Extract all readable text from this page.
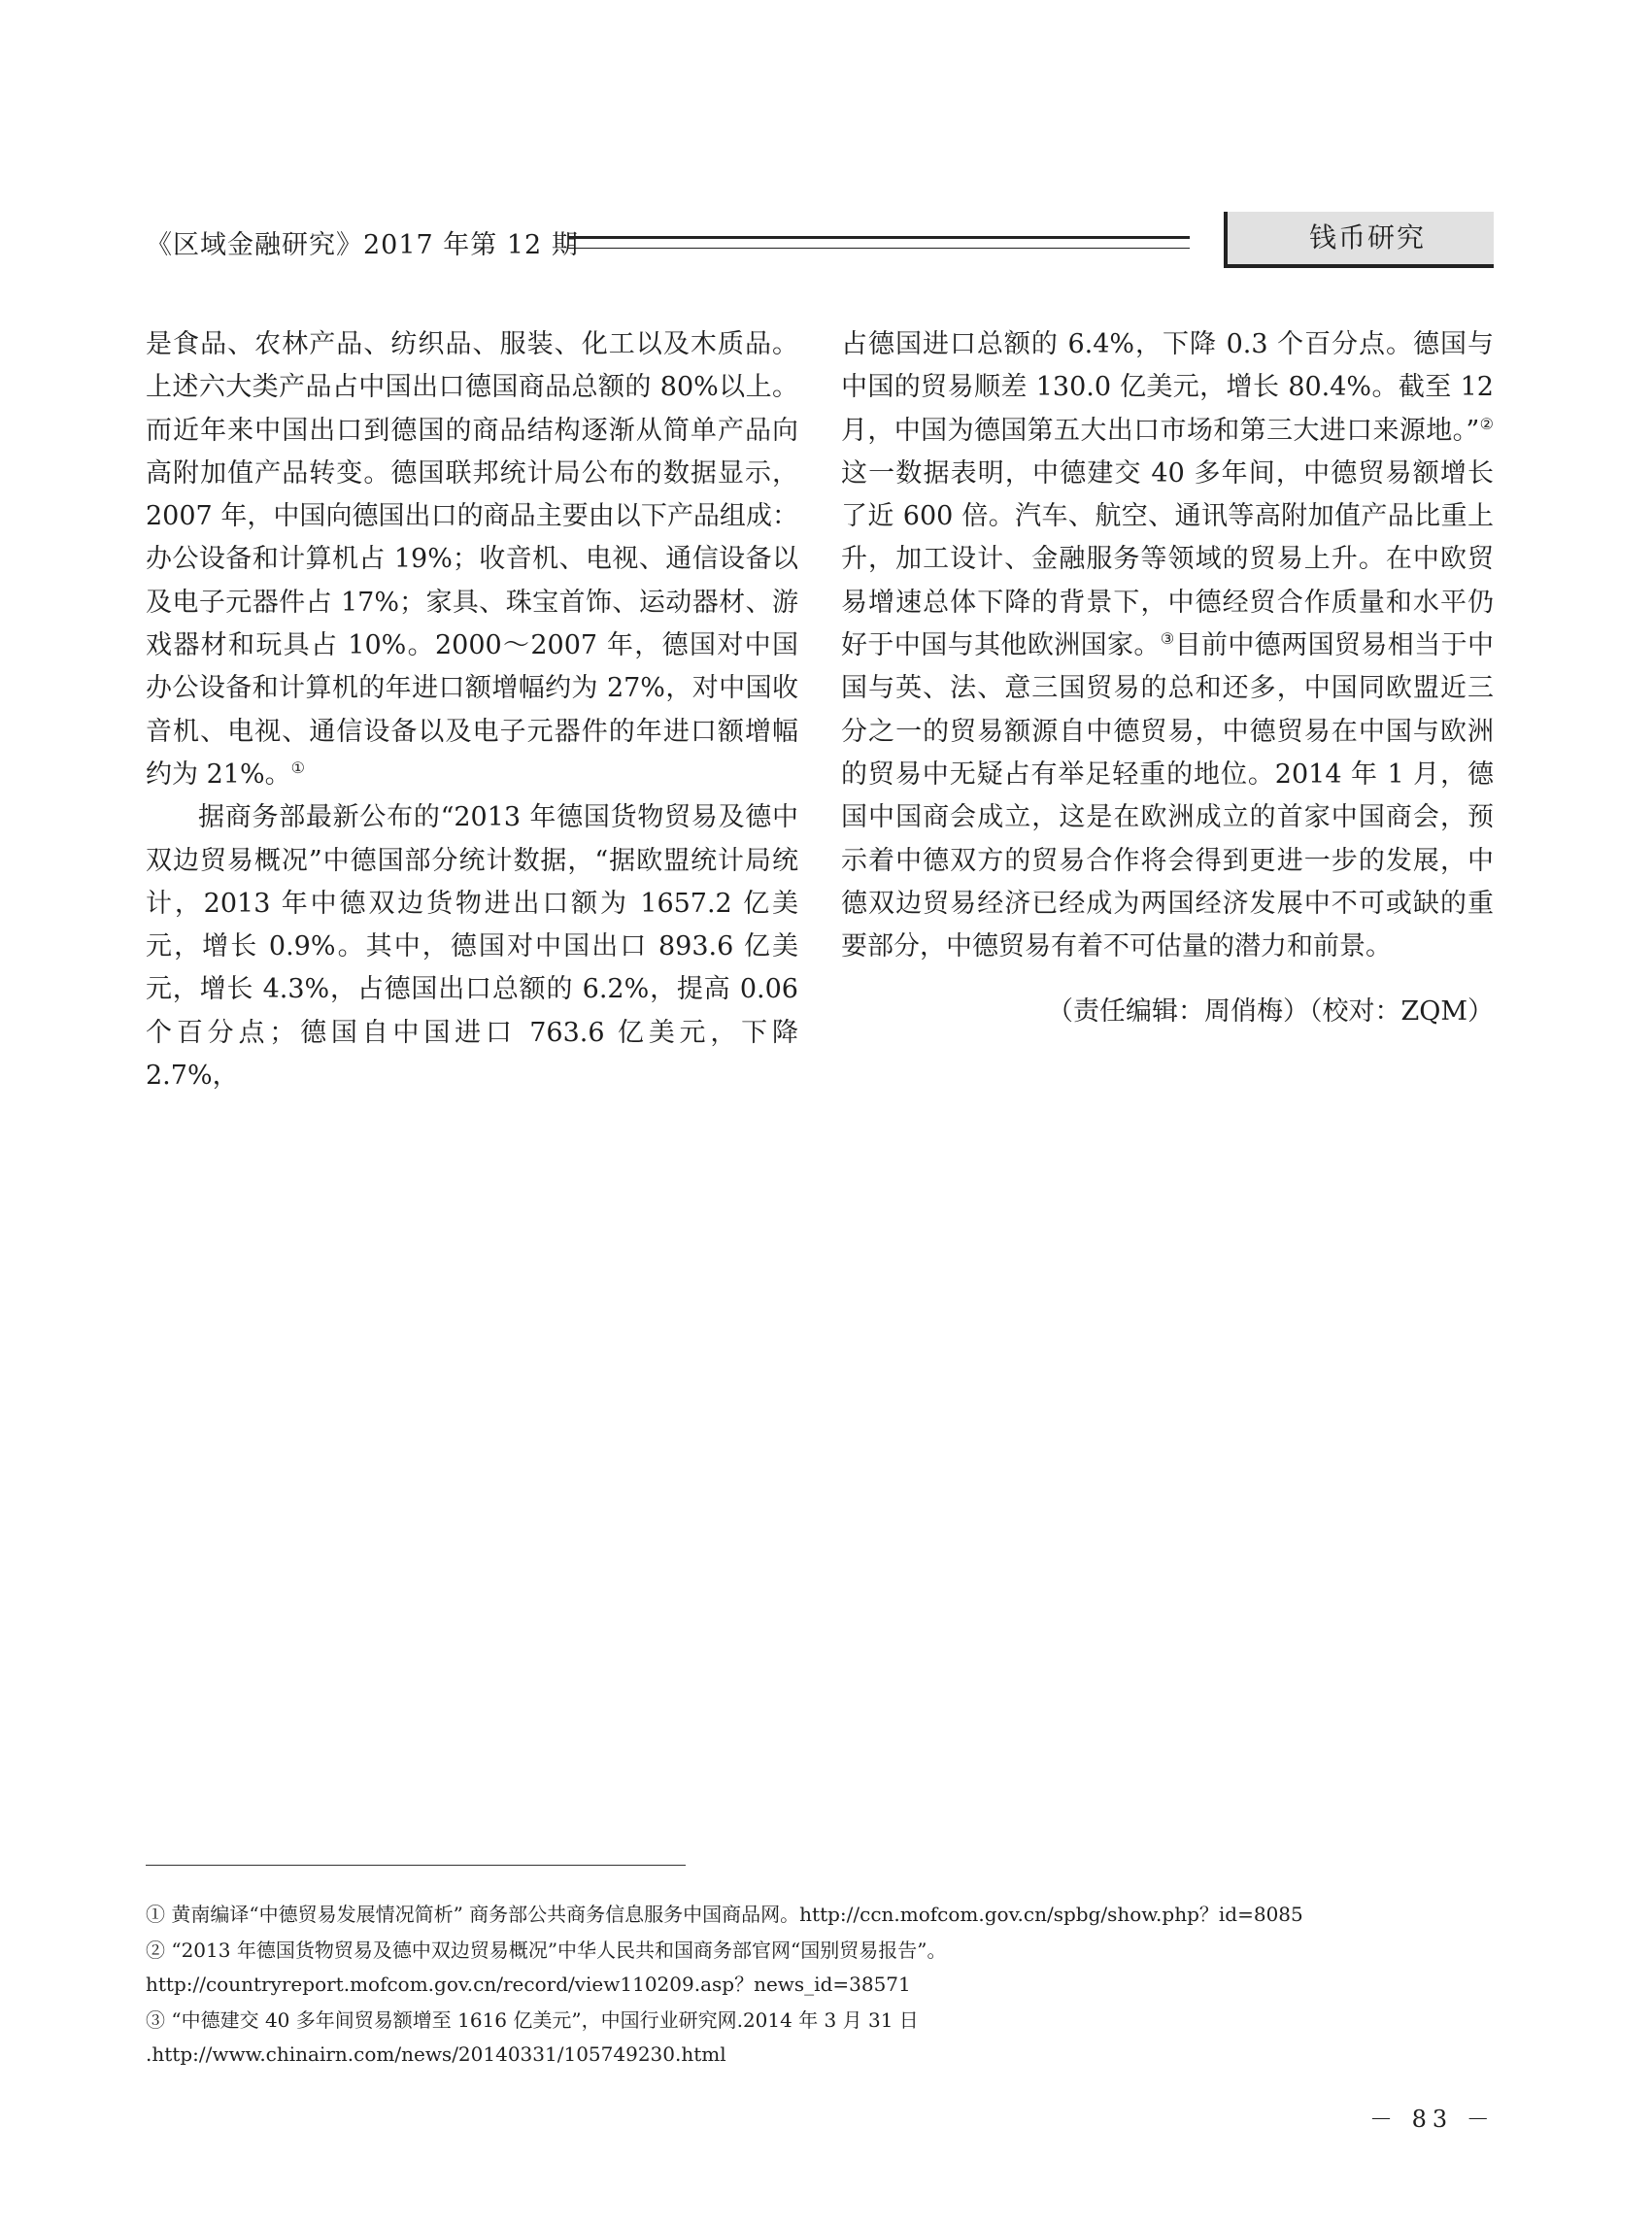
《区域金融研究》2017 年第 12 期	钱币研究

是食品、农林产品、纺织品、服装、化工以及木质品。上述六大类产品占中国出口德国商品总额的 80%以上。而近年来中国出口到德国的商品结构逐渐从简单产品向高附加值产品转变。德国联邦统计局公布的数据显示，2007 年，中国向德国出口的商品主要由以下产品组成：办公设备和计算机占 19%；收音机、电视、通信设备以及电子元器件占 17%；家具、珠宝首饰、运动器材、游戏器材和玩具占 10%。2000～2007 年，德国对中国办公设备和计算机的年进口额增幅约为 27%，对中国收音机、电视、通信设备以及电子元器件的年进口额增幅约为 21%。①

据商务部最新公布的“2013 年德国货物贸易及德中双边贸易概况”中德国部分统计数据，“据欧盟统计局统计，2013 年中德双边货物进出口额为 1657.2 亿美元，增长 0.9%。其中，德国对中国出口 893.6 亿美元，增长 4.3%，占德国出口总额的 6.2%，提高 0.06 个百分点；德国自中国进口 763.6 亿美元，下降 2.7%，

占德国进口总额的 6.4%，下降 0.3 个百分点。德国与中国的贸易顺差 130.0 亿美元，增长 80.4%。截至 12 月，中国为德国第五大出口市场和第三大进口来源地。”②这一数据表明，中德建交 40 多年间，中德贸易额增长了近 600 倍。汽车、航空、通讯等高附加值产品比重上升，加工设计、金融服务等领域的贸易上升。在中欧贸易增速总体下降的背景下，中德经贸合作质量和水平仍好于中国与其他欧洲国家。③目前中德两国贸易相当于中国与英、法、意三国贸易的总和还多，中国同欧盟近三分之一的贸易额源自中德贸易，中德贸易在中国与欧洲的贸易中无疑占有举足轻重的地位。2014 年 1 月，德国中国商会成立，这是在欧洲成立的首家中国商会，预示着中德双方的贸易合作将会得到更进一步的发展，中德双边贸易经济已经成为两国经济发展中不可或缺的重要部分，中德贸易有着不可估量的潜力和前景。

（责任编辑：周俏梅）（校对：ZQM）

① 黄南编译“中德贸易发展情况简析” 商务部公共商务信息服务中国商品网。http://ccn.mofcom.gov.cn/spbg/show.php？id=8085

② “2013 年德国货物贸易及德中双边贸易概况”中华人民共和国商务部官网“国别贸易报告”。http://countryreport.mofcom.gov.cn/record/view110209.asp？news_id=38571

③ “中德建交 40 多年间贸易额增至 1616 亿美元”，中国行业研究网.2014 年 3 月 31 日 .http://www.chinairn.com/news/20140331/105749230.html

－ 83 －
